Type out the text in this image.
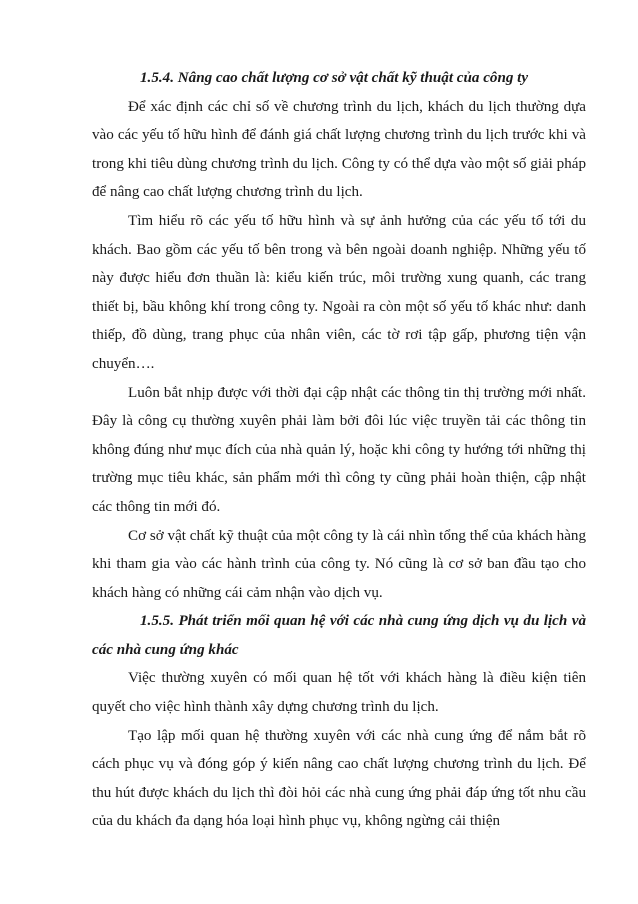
1.5.4. Nâng cao chất lượng cơ sở vật chất kỹ thuật của công ty

Để xác định các chỉ số về chương trình du lịch, khách du lịch thường dựa vào các yếu tố hữu hình để đánh giá chất lượng chương trình du lịch trước khi và trong khi tiêu dùng chương trình du lịch. Công ty có thể dựa vào một số giải pháp để nâng cao chất lượng chương trình du lịch.

Tìm hiểu rõ các yếu tố hữu hình và sự ảnh hưởng của các yếu tố tới du khách. Bao gồm các yếu tố bên trong và bên ngoài doanh nghiệp. Những yếu tố này được hiểu đơn thuần là: kiểu kiến trúc, môi trường xung quanh, các trang thiết bị, bầu không khí trong công ty. Ngoài ra còn một số yếu tố khác như: danh thiếp, đồ dùng, trang phục của nhân viên, các tờ rơi tập gấp, phương tiện vận chuyển….

Luôn bắt nhịp được với thời đại cập nhật các thông tin thị trường mới nhất. Đây là công cụ thường xuyên phải làm bởi đôi lúc việc truyền tải các thông tin không đúng như mục đích của nhà quản lý, hoặc khi công ty hướng tới những thị trường mục tiêu khác, sản phẩm mới thì công ty cũng phải hoàn thiện, cập nhật các thông tin mới đó.

Cơ sở vật chất kỹ thuật của một công ty là cái nhìn tổng thể của khách hàng khi tham gia vào các hành trình của công ty. Nó cũng là cơ sở ban đầu tạo cho khách hàng có những cái cảm nhận vào dịch vụ.

1.5.5. Phát triển mối quan hệ với các nhà cung ứng dịch vụ du lịch và các nhà cung ứng khác

Việc thường xuyên có mối quan hệ tốt với khách hàng là điều kiện tiên quyết cho việc hình thành xây dựng chương trình du lịch.

Tạo lập mối quan hệ thường xuyên với các nhà cung ứng để nắm bắt rõ cách phục vụ và đóng góp ý kiến nâng cao chất lượng chương trình du lịch. Để thu hút được khách du lịch thì đòi hỏi các nhà cung ứng phải đáp ứng tốt nhu cầu của du khách đa dạng hóa loại hình phục vụ, không ngừng cải thiện
